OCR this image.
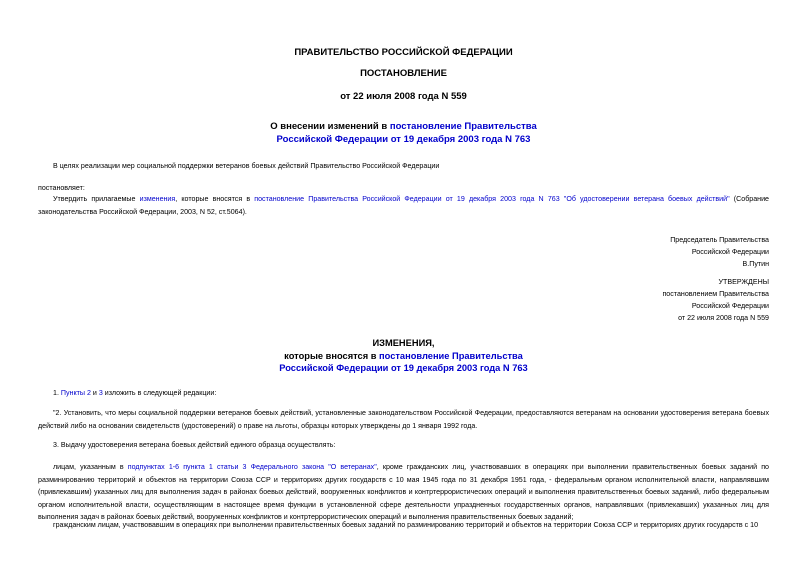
ПРАВИТЕЛЬСТВО РОССИЙСКОЙ ФЕДЕРАЦИИ
ПОСТАНОВЛЕНИЕ
от 22 июля 2008 года N 559
О внесении изменений в постановление Правительства
Российской Федерации от 19 декабря 2003 года N 763
В целях реализации мер социальной поддержки ветеранов боевых действий Правительство Российской Федерации
постановляет:
Утвердить прилагаемые изменения, которые вносятся в постановление Правительства Российской Федерации от 19 декабря 2003 года N 763 "Об удостоверении ветерана боевых действий" (Собрание законодательства Российской Федерации, 2003, N 52, ст.5064).
Председатель Правительства
Российской Федерации
В.Путин
УТВЕРЖДЕНЫ
постановлением Правительства
Российской Федерации
от 22 июля 2008 года N 559
ИЗМЕНЕНИЯ,
которые вносятся в постановление Правительства
Российской Федерации от 19 декабря 2003 года N 763
1. Пункты 2 и 3 изложить в следующей редакции:
"2. Установить, что меры социальной поддержки ветеранов боевых действий, установленные законодательством Российской Федерации, предоставляются ветеранам на основании удостоверения ветерана боевых действий либо на основании свидетельств (удостоверений) о праве на льготы, образцы которых утверждены до 1 января 1992 года.
3. Выдачу удостоверения ветерана боевых действий единого образца осуществлять:
лицам, указанным в подпунктах 1-6 пункта 1 статьи 3 Федерального закона "О ветеранах", кроме гражданских лиц, участвовавших в операциях при выполнении правительственных боевых заданий по разминированию территорий и объектов на территории Союза ССР и территориях других государств с 10 мая 1945 года по 31 декабря 1951 года, - федеральным органом исполнительной власти, направлявшим (привлекавшим) указанных лиц для выполнения задач в районах боевых действий, вооруженных конфликтов и контртеррористических операций и выполнения правительственных боевых заданий, либо федеральным органом исполнительной власти, осуществляющим в настоящее время функции в установленной сфере деятельности упраздненных государственных органов, направлявших (привлекавших) указанных лиц для выполнения задач в районах боевых действий, вооруженных конфликтов и контртеррористических операций и выполнения правительственных боевых заданий;
гражданским лицам, участвовавшим в операциях при выполнении правительственных боевых заданий по разминированию территорий и объектов на территории Союза ССР и территориях других государств с 10
